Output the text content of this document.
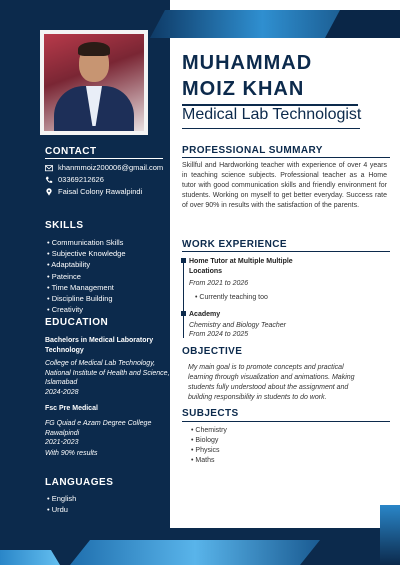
MUHAMMAD
MOIZ KHAN
Medical Lab Technologist
CONTACT
khanmmoiz200006@gmail.com
03369212626
Faisal Colony Rawalpindi
SKILLS
• Communication Skills
• Subjective Knowledge
• Adaptability
• Pateince
• Time Management
• Discipline Building
• Creativity
EDUCATION
Bachelors in Medical Laboratory Technology
College of Medical Lab Technology, National Institute of Health and Science, Islamabad
2024-2028
Fsc Pre Medical
FG Quiad e Azam Degree College Rawalpindi
2021-2023
With 90% results
LANGUAGES
• English
• Urdu
PROFESSIONAL SUMMARY
Skillful and Hardworking teacher with experience of over 4 years in teaching science subjects. Professional teacher as a Home tutor with good communication skills and friendly environment for students. Working on myself to get better everyday. Success rate of over 90% in results with the satisfaction of the parents.
WORK EXPERIENCE
Home Tutor at Multiple Multiple Locations
From 2021 to 2026
• Currently teaching too
Academy
Chemistry and Biology Teacher
From 2024 to 2025
OBJECTIVE
My main goal is to promote concepts and practical learning through visualization and animations. Making students fully understood about the assignment and building responsibility in students to do work.
SUBJECTS
• Chemistry
• Biology
• Physics
• Maths
